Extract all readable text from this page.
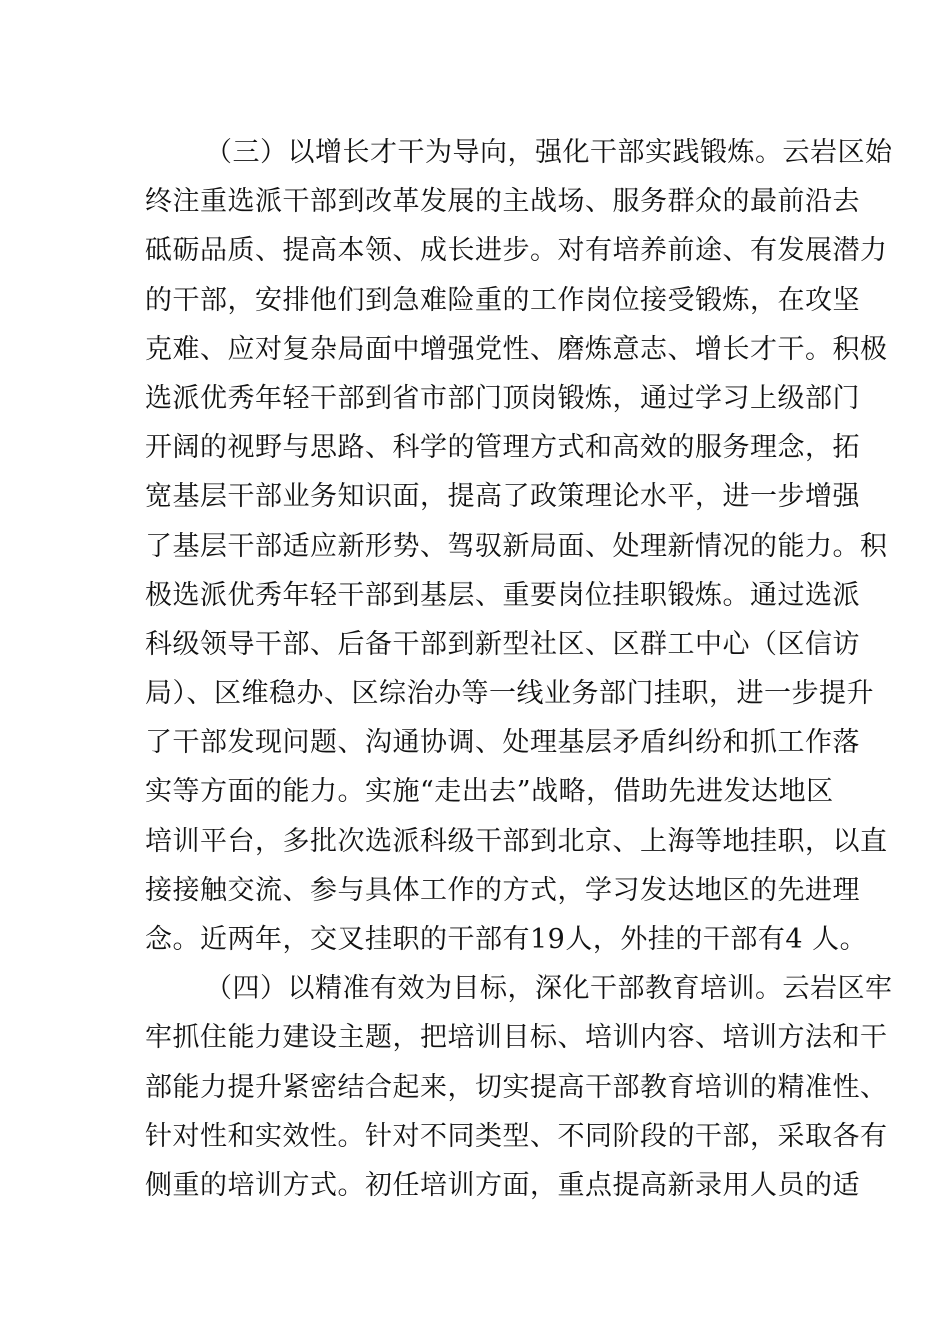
（三）以增长才干为导向，强化干部实践锻炼。云岩区始
终注重选派干部到改革发展的主战场、服务群众的最前沿去
砥砺品质、提高本领、成长进步。对有培养前途、有发展潜力
的干部，安排他们到急难险重的工作岗位接受锻炼，在攻坚
克难、应对复杂局面中增强党性、磨炼意志、增长才干。积极
选派优秀年轻干部到省市部门顶岗锻炼，通过学习上级部门
开阔的视野与思路、科学的管理方式和高效的服务理念，拓
宽基层干部业务知识面，提高了政策理论水平，进一步增强
了基层干部适应新形势、驾驭新局面、处理新情况的能力。积
极选派优秀年轻干部到基层、重要岗位挂职锻炼。通过选派
科级领导干部、后备干部到新型社区、区群工中心（区信访
局）、区维稳办、区综治办等一线业务部门挂职，进一步提升
了干部发现问题、沟通协调、处理基层矛盾纠纷和抓工作落
实等方面的能力。实施“走出去”战略，借助先进发达地区
培训平台，多批次选派科级干部到北京、上海等地挂职，以直
接接触交流、参与具体工作的方式，学习发达地区的先进理
念。近两年，交叉挂职的干部有19人，外挂的干部有4 人。
（四）以精准有效为目标，深化干部教育培训。云岩区牢
牢抓住能力建设主题，把培训目标、培训内容、培训方法和干
部能力提升紧密结合起来，切实提高干部教育培训的精准性、
针对性和实效性。针对不同类型、不同阶段的干部，采取各有
侧重的培训方式。初任培训方面，重点提高新录用人员的适
